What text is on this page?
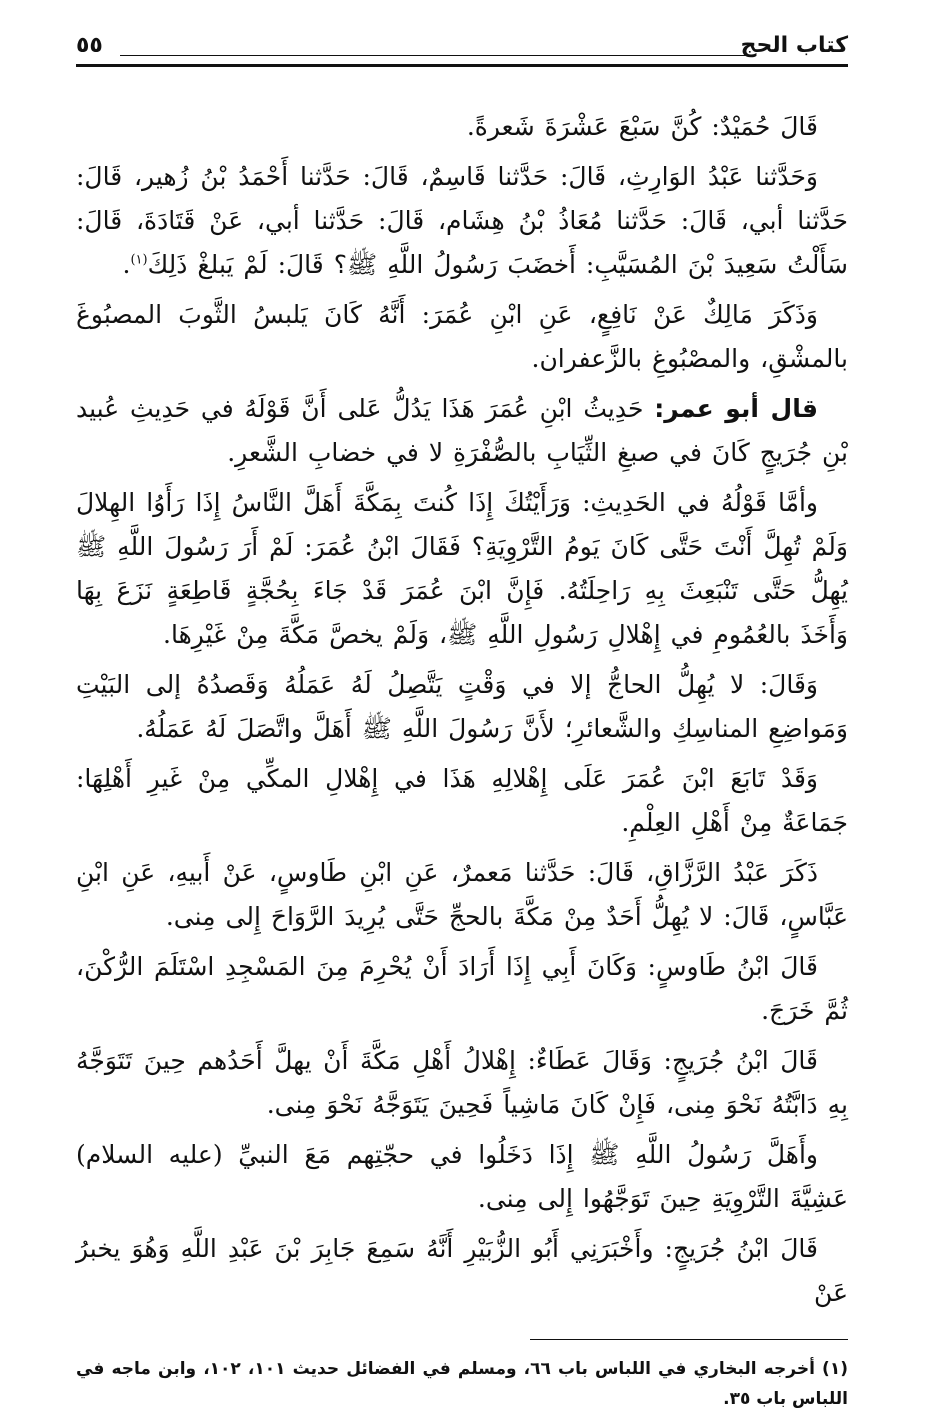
كتاب الحج
٥٥

قَالَ حُمَيْدٌ: كُنَّ سَبْعَ عَشْرَةَ شَعرةً.

وَحَدَّثنا عَبْدُ الوَارِثِ، قَالَ: حَدَّثنا قَاسِمٌ، قَالَ: حَدَّثنا أَحْمَدُ بْنُ زُهير، قَالَ: حَدَّثنا أبي، قَالَ: حَدَّثنا مُعَاذُ بْنُ هِشَام، قَالَ: حَدَّثنا أبي، عَنْ قَتَادَةَ، قَالَ: سَأَلْتُ سَعِيدَ بْنَ المُسَيَّبِ: أَخضَبَ رَسُولُ اللَّهِ ﷺ؟ قَالَ: لَمْ يَبلغْ ذَلِكَ$^{(١)}$.

وَذَكَرَ مَالِكٌ عَنْ نَافِعٍ، عَنِ ابْنِ عُمَرَ: أَنَّهُ كَانَ يَلبسُ الثَّوبَ المصبُوغَ بالمشْقِ، والمصْبُوغِ بالزَّعفران.

قال أبو عمر: حَدِيثُ ابْنِ عُمَرَ هَذَا يَدُلُّ عَلى أَنَّ قَوْلَهُ في حَدِيثِ عُبيد بْنِ جُرَيجٍ كَانَ في صبغِ الثِّيَابِ بالصُّفْرَةِ لا في خضابِ الشَّعرِ.

وأمَّا قَوْلُهُ في الحَدِيثِ: وَرَأَيْتُكَ إِذَا كُنتَ بِمَكَّةَ أَهَلَّ النَّاسُ إِذَا رَأَوُا الهِلالَ وَلَمْ تُهِلَّ أَنْتَ حَتَّى كَانَ يَومُ التَّرْوِيَةِ؟ فَقَالَ ابْنُ عُمَرَ: لَمْ أَرَ رَسُولَ اللَّهِ ﷺ يُهِلُّ حَتَّى تَنْبَعِثَ بِهِ رَاحِلَتُهُ. فَإِنَّ ابْنَ عُمَرَ قَدْ جَاءَ بِحُجَّةٍ قَاطِعَةٍ نَزَعَ بِهَا وَأَخَذَ بالعُمُومِ في إِهْلالِ رَسُولِ اللَّهِ ﷺ، وَلَمْ يخصَّ مَكَّةَ مِنْ غَيْرِهَا.

وَقَالَ: لا يُهِلُّ الحاجُّ إلا في وَقْتٍ يَتَّصِلُ لَهُ عَمَلُهُ وَقَصدُهُ إلى البَيْتِ وَمَواضِعِ المناسِكِ والشَّعائرِ؛ لأَنَّ رَسُولَ اللَّهِ ﷺ أَهَلَّ واتَّصَلَ لَهُ عَمَلُهُ.

وَقَدْ تَابَعَ ابْنَ عُمَرَ عَلَى إِهْلالِهِ هَذَا في إِهْلالِ المكِّي مِنْ غَيرِ أَهْلِهَا: جَمَاعَةٌ مِنْ أَهْلِ العِلْمِ.

ذَكَرَ عَبْدُ الرَّزَّاقِ، قَالَ: حَدَّثنا مَعمرٌ، عَنِ ابْنِ طَاوسٍ، عَنْ أَبيهِ، عَنِ ابْنِ عَبَّاسٍ، قَالَ: لا يُهِلُّ أَحَدٌ مِنْ مَكَّةَ بالحجِّ حَتَّى يُرِيدَ الرَّوَاحَ إِلى مِنى.

قَالَ ابْنُ طَاوسٍ: وَكَانَ أَبِي إِذَا أَرَادَ أَنْ يُحْرِمَ مِنَ المَسْجِدِ اسْتَلَمَ الرُّكْنَ، ثُمَّ خَرَجَ.

قَالَ ابْنُ جُرَيجٍ: وَقَالَ عَطَاءٌ: إِهْلالُ أَهْلِ مَكَّةَ أَنْ يهلَّ أَحَدُهم حِينَ تَتَوَجَّهُ بِهِ دَابَّتُهُ نَحْوَ مِنى، فَإِنْ كَانَ مَاشِياً فَحِينَ يَتَوَجَّهُ نَحْوَ مِنى.

وأَهَلَّ رَسُولُ اللَّهِ ﷺ إِذَا دَخَلُوا في حجّتِهم مَعَ النبيِّ (عليه السلام) عَشِيَّةَ التَّرْوِيَةِ حِينَ تَوَجَّهُوا إِلى مِنى.

قَالَ ابْنُ جُرَيجٍ: وأَخْبَرَنِي أَبُو الزُّبَيْرِ أَنَّهُ سَمِعَ جَابِرَ بْنَ عَبْدِ اللَّهِ وَهُوَ يخبرُ عَنْ

(١) أخرجه البخاري في اللباس باب ٦٦، ومسلم في الفضائل حديث ١٠١، ١٠٢، وابن ماجه في اللباس باب ٣٥.
